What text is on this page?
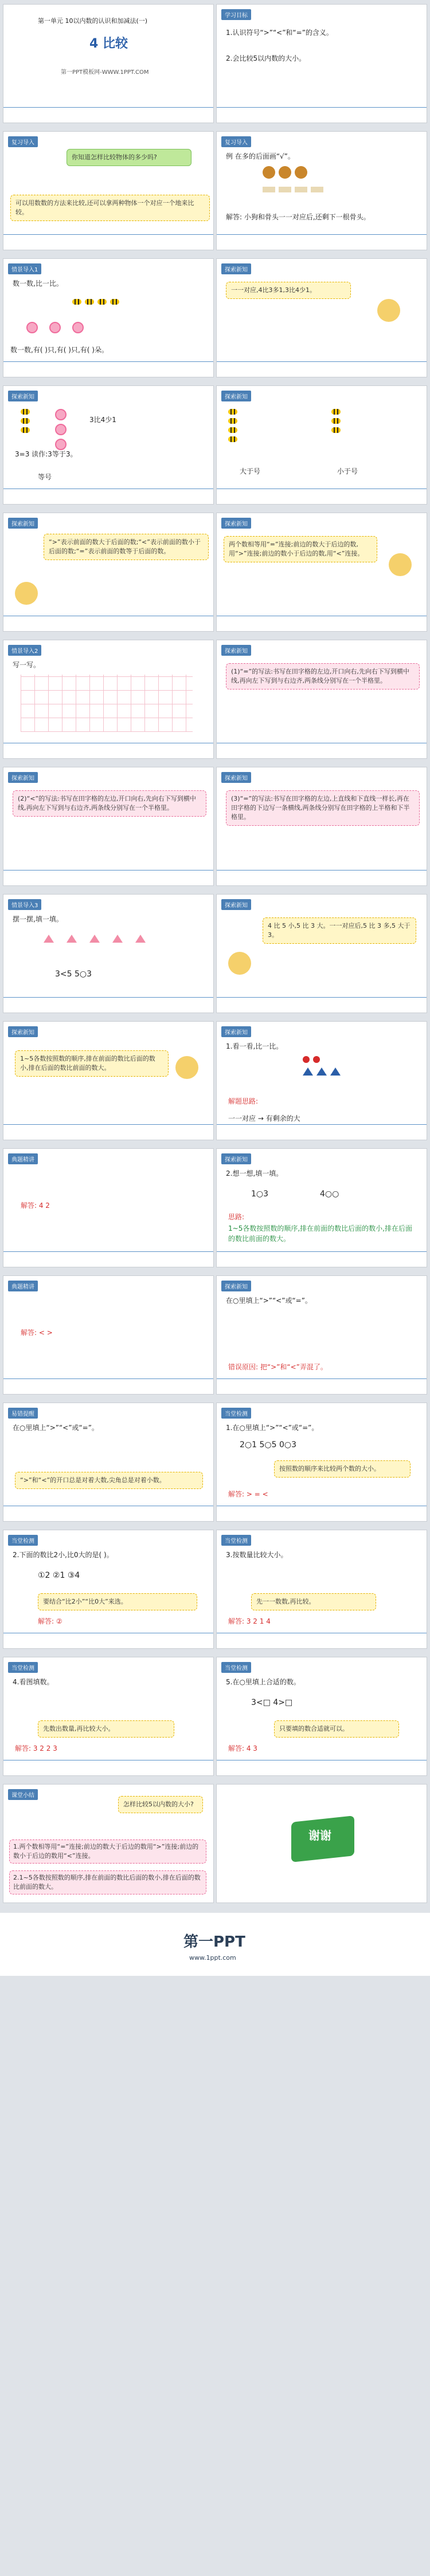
第一单元 10以内数的认识和加减法(一)
4 比较
第一PPT模板网-WWW.1PPT.COM
学习目标
1.认识符号“>”“<”和“=”的含义。
2.会比较5以内数的大小。
复习导入
你知道怎样比较物体的多少吗?
可以用数数的方法来比较,还可以拿两种物体一个对应一个地来比较。
复习导入
例 在多的后面画“√”。
解答: 小狗和骨头一一对应后,还剩下一根骨头。
情景导入1
数一数,比一比。
数一数,有( )只,有( )只,有( )朵。
探索新知
一一对应,4比3多1,3比4少1。
探索新知
3比4少1
3=3 读作:3等于3。
等号
探索新知
大于号	小于号
探索新知
“>”表示前面的数大于后面的数;“<”表示前面的数小于后面的数;“=”表示前面的数等于后面的数。
探索新知
两个数相等用“=”连接;前边的数大于后边的数,用“>”连接;前边的数小于后边的数,用“<”连接。
情景导入2
写一写。
探索新知
(1)“=”的写法:书写在田字格的左边,开口向右,先向右下写到横中线,再向左下写到与右边齐,两条线分别写在一个半格里。
探索新知
(2)“<”的写法:书写在田字格的左边,开口向右,先向右下写到横中线,再向左下写到与右边齐,两条线分别写在一个半格里。
探索新知
(3)“=”的写法:书写在田字格的左边,上直线和下直线一样长,再在田字格的下边写一条横线,两条线分别写在田字格的上半格和下半格里。
情景导入3
摆一摆,填一填。
3<5 5○3
探索新知
4 比 5 小,5 比 3 大。一一对应后,5 比 3 多,5 大于 3。
探索新知
1~5各数按照数的顺序,排在前面的数比后面的数小,排在后面的数比前面的数大。
探索新知
1.看一看,比一比。
解题思路:
一一对应 → 有剩余的大
典题精讲
解答: 4 2
探索新知
2.想一想,填一填。
1○3	4○○
思路:
1~5各数按照数的顺序,排在前面的数比后面的数小,排在后面的数比前面的数大。
典题精讲
解答: < >
探索新知
在○里填上“>”“<”或“=”。
错误原因: 把“>”和“<”弄混了。
易错提醒
在○里填上“>”“<”或“=”。
“>”和“<”的开口总是对着大数,尖角总是对着小数。
当堂检测
1.在○里填上“>”“<”或“=”。
2○1 5○5 0○3
按照数的顺序来比较两个数的大小。
解答: > = <
当堂检测
2.下面的数比2小,比0大的是( )。
①2 ②1 ③4
要结合“比2小”“比0大”来选。
解答: ②
当堂检测
3.按数量比较大小。
先一一数数,再比较。
解答: 3 2 1 4
当堂检测
4.看图填数。
先数出数量,再比较大小。
解答: 3 2 2 3
当堂检测
5.在○里填上合适的数。
3<□ 4>□
只要填的数合适就可以。
解答: 4 3
课堂小结
怎样比较5以内数的大小?
1.两个数相等用“=”连接;前边的数大于后边的数用“>”连接;前边的数小于后边的数用“<”连接。
2.1~5各数按照数的顺序,排在前面的数比后面的数小,排在后面的数比前面的数大。
谢谢
第一PPT
www.1ppt.com
